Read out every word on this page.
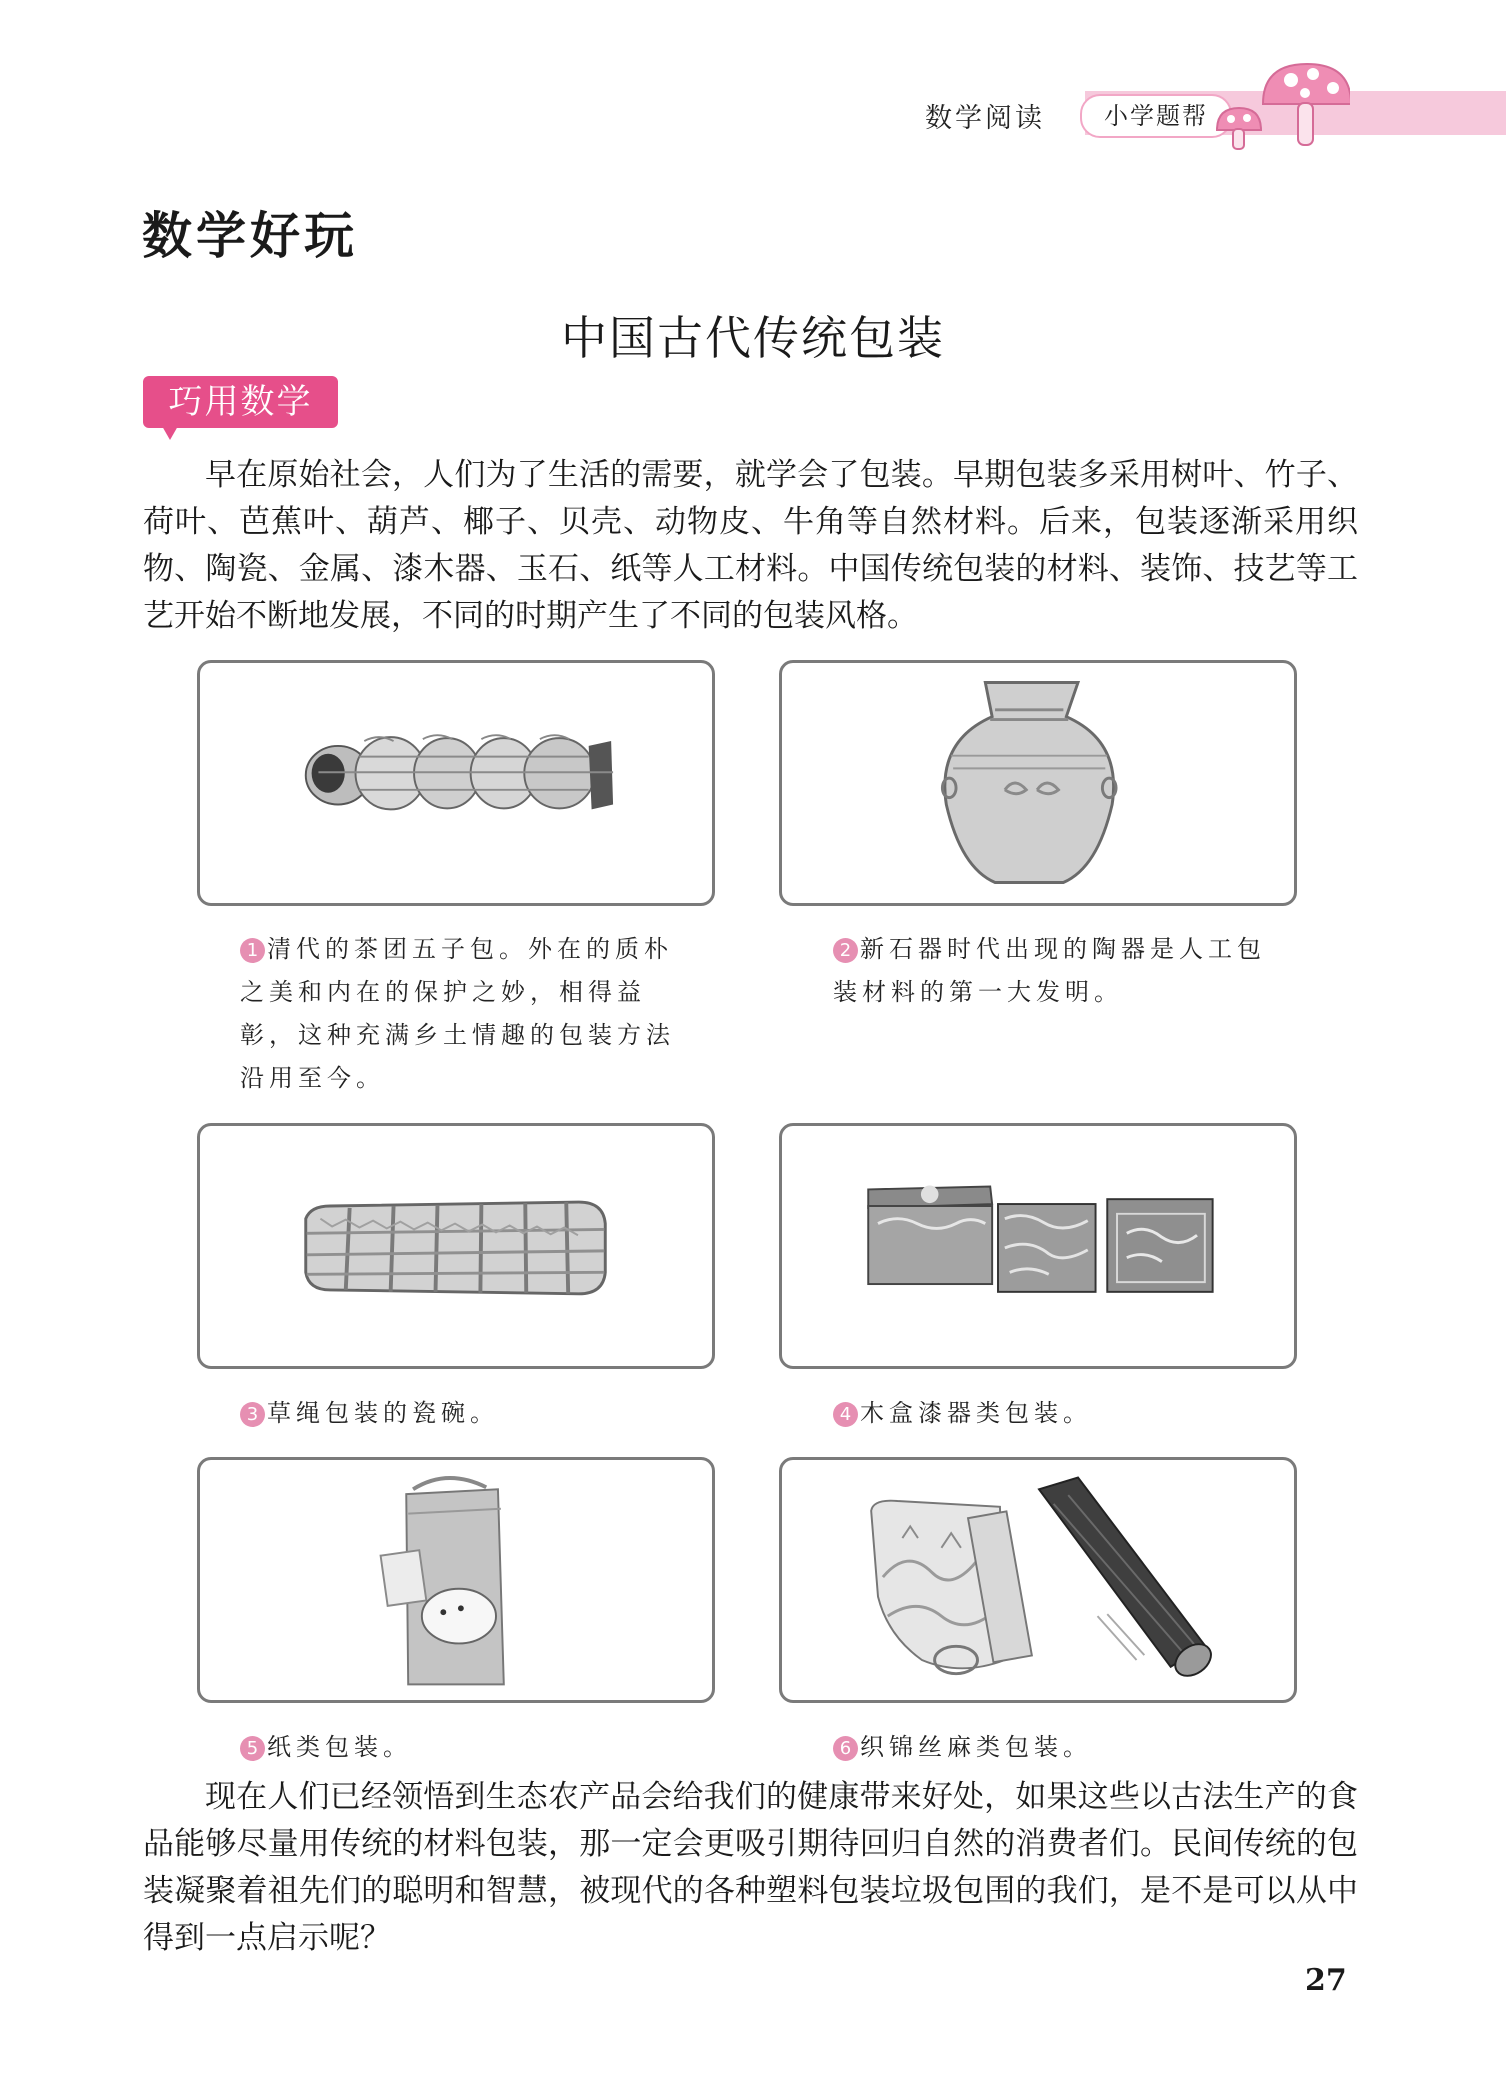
数学阅读	小学题帮
数学好玩
中国古代传统包装
巧用数学

早在原始社会，人们为了生活的需要，就学会了包装。早期包装多采用树叶、竹子、荷叶、芭蕉叶、葫芦、椰子、贝壳、动物皮、牛角等自然材料。后来，包装逐渐采用织物、陶瓷、金属、漆木器、玉石、纸等人工材料。中国传统包装的材料、装饰、技艺等工艺开始不断地发展，不同的时期产生了不同的包装风格。

1 清代的茶团五子包。外在的质朴之美和内在的保护之妙，相得益彰，这种充满乡土情趣的包装方法沿用至今。

2 新石器时代出现的陶器是人工包装材料的第一大发明。

3 草绳包装的瓷碗。	4 木盒漆器类包装。

5 纸类包装。	6 织锦丝麻类包装。

现在人们已经领悟到生态农产品会给我们的健康带来好处，如果这些以古法生产的食品能够尽量用传统的材料包装，那一定会更吸引期待回归自然的消费者们。民间传统的包装凝聚着祖先们的聪明和智慧，被现代的各种塑料包装垃圾包围的我们，是不是可以从中得到一点启示呢？

27
